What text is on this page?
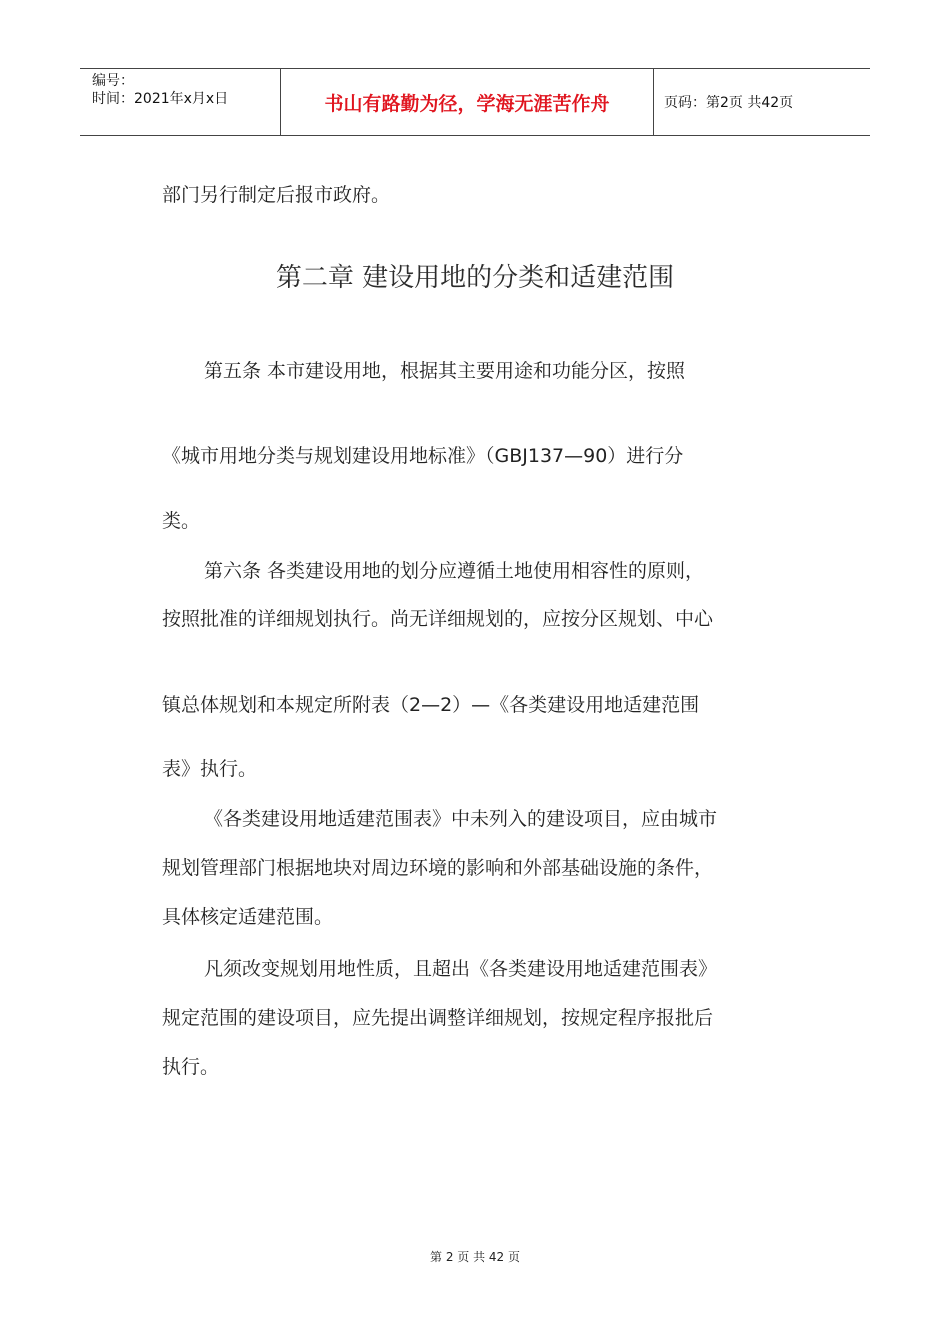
编号：
时间：2021年x月x日	书山有路勤为径，学海无涯苦作舟	页码：第2页 共42页

部门另行制定后报市政府。

第二章 建设用地的分类和适建范围

第五条 本市建设用地，根据其主要用途和功能分区，按照

《城市用地分类与规划建设用地标准》（GBJ137—90）进行分

类。

第六条 各类建设用地的划分应遵循土地使用相容性的原则，

按照批准的详细规划执行。尚无详细规划的，应按分区规划、中心

镇总体规划和本规定所附表（2—2）—《各类建设用地适建范围

表》执行。

《各类建设用地适建范围表》中未列入的建设项目，应由城市

规划管理部门根据地块对周边环境的影响和外部基础设施的条件，

具体核定适建范围。

凡须改变规划用地性质，且超出《各类建设用地适建范围表》

规定范围的建设项目，应先提出调整详细规划，按规定程序报批后

执行。

第 2 页 共 42 页
